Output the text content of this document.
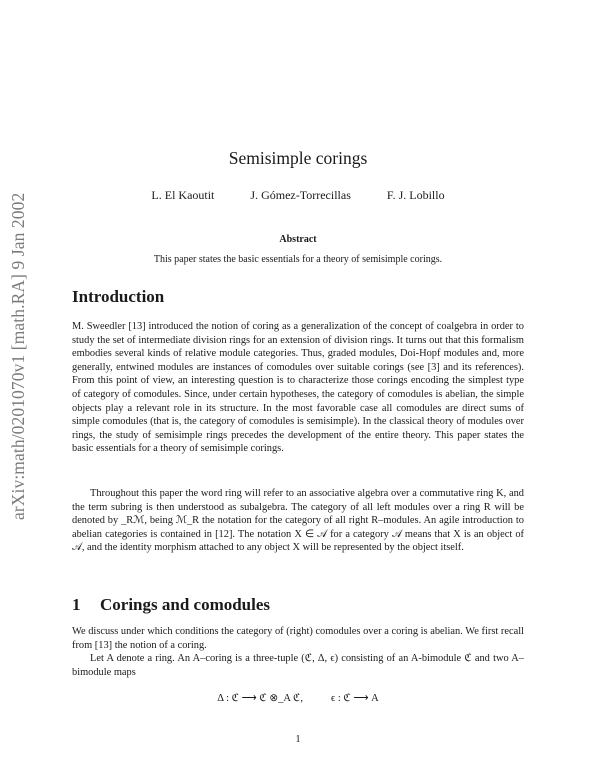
arXiv:math/0201070v1 [math.RA] 9 Jan 2002
Semisimple corings
L. El Kaoutit	J. Gómez-Torrecillas	F. J. Lobillo
Abstract
This paper states the basic essentials for a theory of semisimple corings.
Introduction
M. Sweedler [13] introduced the notion of coring as a generalization of the concept of coalgebra in order to study the set of intermediate division rings for an extension of division rings. It turns out that this formalism embodies several kinds of relative module categories. Thus, graded modules, Doi-Hopf modules and, more generally, entwined modules are instances of comodules over suitable corings (see [3] and its references). From this point of view, an interesting question is to characterize those corings encoding the simplest type of category of comodules. Since, under certain hypotheses, the category of comodules is abelian, the simple objects play a relevant role in its structure. In the most favorable case all comodules are direct sums of simple comodules (that is, the category of comodules is semisimple). In the classical theory of modules over rings, the study of semisimple rings precedes the development of the entire theory. This paper states the basic essentials for a theory of semisimple corings.
Throughout this paper the word ring will refer to an associative algebra over a commutative ring K, and the term subring is then understood as subalgebra. The category of all left modules over a ring R will be denoted by _Rℳ, being ℳ_R the notation for the category of all right R–modules. An agile introduction to abelian categories is contained in [12]. The notation X ∈ 𝒜 for a category 𝒜 means that X is an object of 𝒜, and the identity morphism attached to any object X will be represented by the object itself.
1 Corings and comodules
We discuss under which conditions the category of (right) comodules over a coring is abelian. We first recall from [13] the notion of a coring.
Let A denote a ring. An A–coring is a three-tuple (ℭ, Δ, ϵ) consisting of an A-bimodule ℭ and two A–bimodule maps
Δ : ℭ ⟶ ℭ ⊗_A ℭ,	ϵ : ℭ ⟶ A
1
